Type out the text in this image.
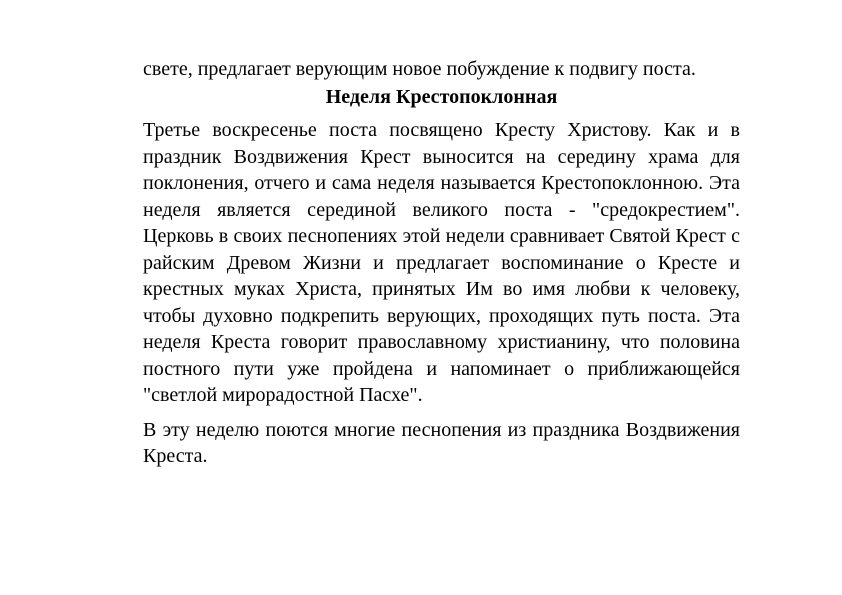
свете, предлагает верующим новое побуждение к подвигу поста.

Неделя Крестопоклонная

Третье воскресенье поста посвящено Кресту Христову. Как и в праздник Воздвижения Крест выносится на середину храма для поклонения, отчего и сама неделя называется Крестопоклонною. Эта неделя является серединой великого поста - "средокрестием". Церковь в своих песнопениях этой недели сравнивает Святой Крест с райским Древом Жизни и предлагает воспоминание о Кресте и крестных муках Христа, принятых Им во имя любви к человеку, чтобы духовно подкрепить верующих, проходящих путь поста. Эта неделя Креста говорит православному христианину, что половина постного пути уже пройдена и напоминает о приближающейся "светлой мирорадостной Пасхе".

В эту неделю поются многие песнопения из праздника Воздвижения Креста.
